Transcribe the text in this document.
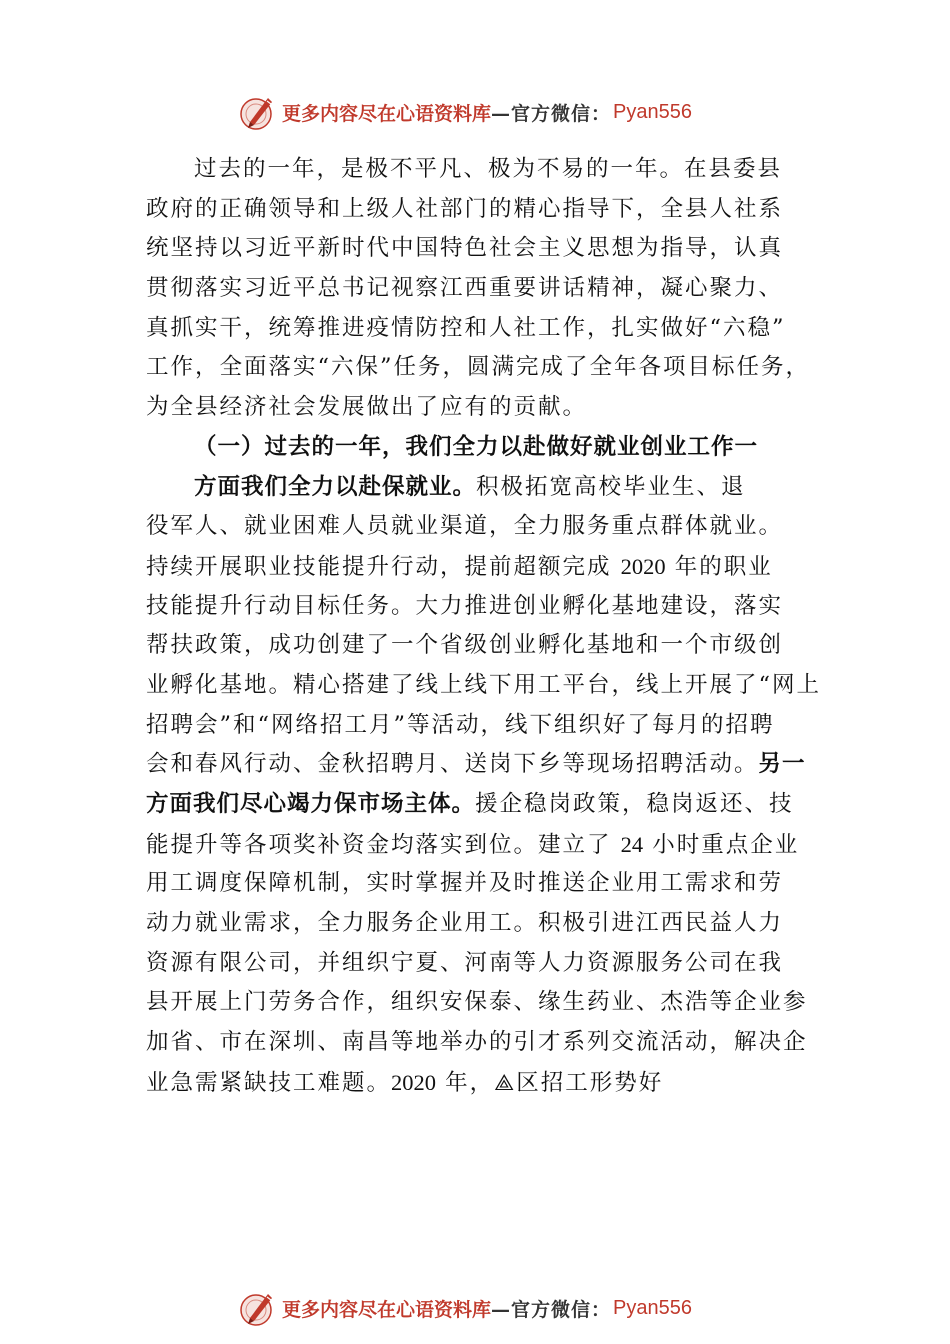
更多内容尽在心语资料库 —官方微信： Pyan556
过去的一年，是极不平凡、极为不易的一年。在县委县
政府的正确领导和上级人社部门的精心指导下，全县人社系
统坚持以习近平新时代中国特色社会主义思想为指导，认真
贯彻落实习近平总书记视察江西重要讲话精神，凝心聚力、
真抓实干，统筹推进疫情防控和人社工作，扎实做好“六稳”
工作，全面落实“六保”任务，圆满完成了全年各项目标任务，
为全县经济社会发展做出了应有的贡献。
（一）过去的一年，我们全力以赴做好就业创业工作一
方面我们全力以赴保就业。积极拓宽高校毕业生、退
役军人、就业困难人员就业渠道，全力服务重点群体就业。
持续开展职业技能提升行动，提前超额完成 2020 年的职业
技能提升行动目标任务。大力推进创业孵化基地建设，落实
帮扶政策，成功创建了一个省级创业孵化基地和一个市级创
业孵化基地。精心搭建了线上线下用工平台，线上开展了“网上
招聘会”和“网络招工月”等活动，线下组织好了每月的招聘
会和春风行动、金秋招聘月、送岗下乡等现场招聘活动。另一
方面我们尽心竭力保市场主体。援企稳岗政策，稳岗返还、技
能提升等各项奖补资金均落实到位。建立了 24 小时重点企业
用工调度保障机制，实时掌握并及时推送企业用工需求和劳
动力就业需求，全力服务企业用工。积极引进江西民益人力
资源有限公司，并组织宁夏、河南等人力资源服务公司在我
县开展上门劳务合作，组织安保泰、缘生药业、杰浩等企业参
加省、市在深圳、南昌等地举办的引才系列交流活动，解决企
业急需紧缺技工难题。2020 年，⟁区招工形势好
更多内容尽在心语资料库 —官方微信： Pyan556
